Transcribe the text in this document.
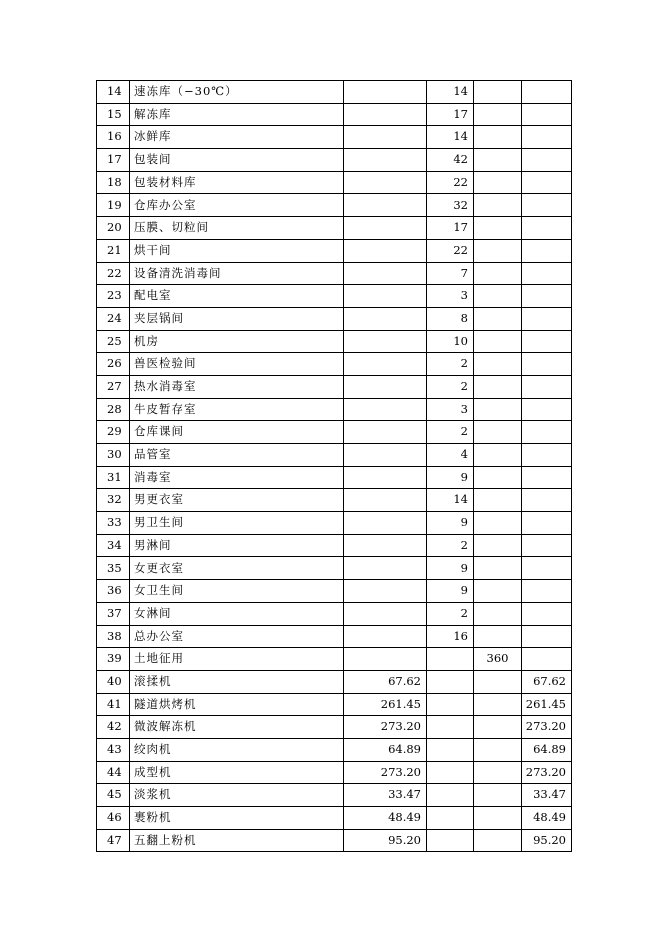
14	速冻库（−30℃）		14		
15	解冻库		17		
16	冰鲜库		14		
17	包装间		42		
18	包装材料库		22		
19	仓库办公室		32		
20	压膜、切粒间		17		
21	烘干间		22		
22	设备清洗消毒间		7		
23	配电室		3		
24	夹层锅间		8		
25	机房		10		
26	兽医检验间		2		
27	热水消毒室		2		
28	牛皮暂存室		3		
29	仓库课间		2		
30	品管室		4		
31	消毒室		9		
32	男更衣室		14		
33	男卫生间		9		
34	男淋间		2		
35	女更衣室		9		
36	女卫生间		9		
37	女淋间		2		
38	总办公室		16		
39	土地征用			360	
40	滚揉机	67.62			67.62
41	隧道烘烤机	261.45			261.45
42	微波解冻机	273.20			273.20
43	绞肉机	64.89			64.89
44	成型机	273.20			273.20
45	淡浆机	33.47			33.47
46	裹粉机	48.49			48.49
47	五翻上粉机	95.20			95.20
